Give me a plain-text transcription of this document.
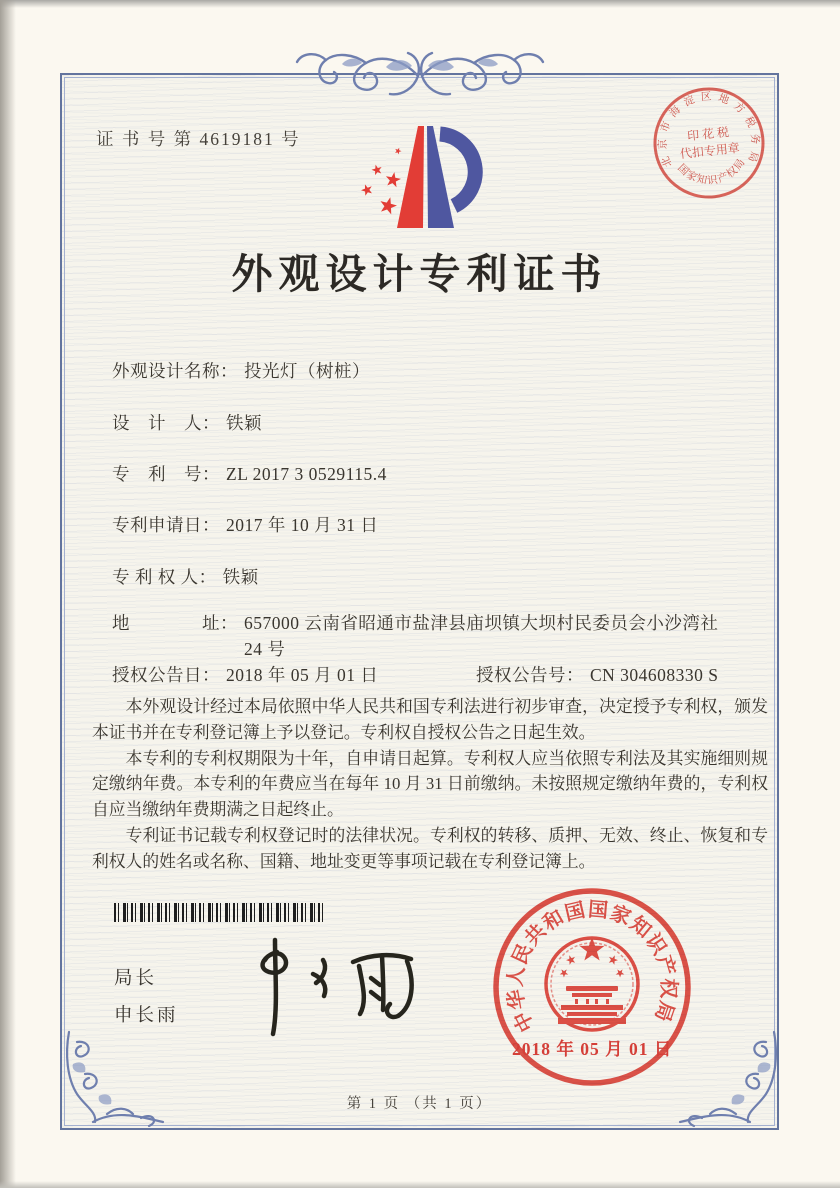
证 书 号 第 4619181 号
外观设计专利证书
外观设计名称： 投光灯（树桩）
设　计　人： 铁颖
专　利　号： ZL 2017 3 0529115.4
专利申请日： 2017 年 10 月 31 日
专 利 权 人： 铁颖
地　　　　址： 657000 云南省昭通市盐津县庙坝镇大坝村民委员会小沙湾社 24 号
授权公告日： 2018 年 05 月 01 日	授权公告号： CN 304608330 S

本外观设计经过本局依照中华人民共和国专利法进行初步审查，决定授予专利权，颁发本证书并在专利登记簿上予以登记。专利权自授权公告之日起生效。

本专利的专利权期限为十年，自申请日起算。专利权人应当依照专利法及其实施细则规定缴纳年费。本专利的年费应当在每年 10 月 31 日前缴纳。未按照规定缴纳年费的，专利权自应当缴纳年费期满之日起终止。

专利证书记载专利权登记时的法律状况。专利权的转移、质押、无效、终止、恢复和专利权人的姓名或名称、国籍、地址变更等事项记载在专利登记簿上。

局长
申长雨	中华人民共和国国家知识产权局
2018 年 05 月 01 日
北京市海淀区地方税务局
国家知识产权局
印 花 税
代扣专用章
第 1 页 （共 1 页）
